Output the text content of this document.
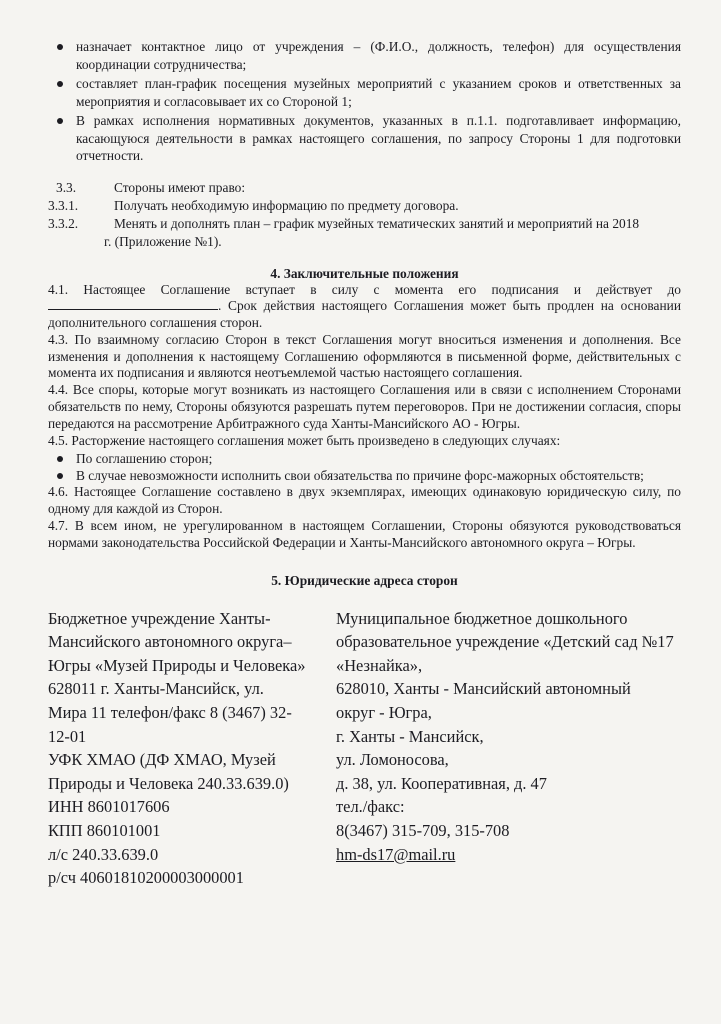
назначает контактное лицо от учреждения – (Ф.И.О., должность, телефон) для осуществления координации сотрудничества;
составляет план-график посещения музейных мероприятий с указанием сроков и ответственных за мероприятия и согласовывает их со Стороной 1;
В рамках исполнения нормативных документов, указанных в п.1.1. подготавливает информацию, касающуюся деятельности в рамках настоящего соглашения, по запросу Стороны 1 для подготовки отчетности.
3.3.	Стороны имеют право:
3.3.1.	Получать необходимую информацию по предмету договора.
3.3.2.	Менять и дополнять план – график музейных тематических занятий и мероприятий на 2018
г. (Приложение №1).
4. Заключительные положения

4.1. Настоящее Соглашение вступает в силу с момента его подписания и действует до . Срок действия настоящего Соглашения может быть продлен на основании дополнительного соглашения сторон.

4.3. По взаимному согласию Сторон в текст Соглашения могут вноситься изменения и дополнения. Все изменения и дополнения к настоящему Соглашению оформляются в письменной форме, действительных с момента их подписания и являются неотъемлемой частью настоящего соглашения.

4.4. Все споры, которые могут возникать из настоящего Соглашения или в связи с исполнением Сторонами обязательств по нему, Стороны обязуются разрешать путем переговоров. При не достижении согласия, споры передаются на рассмотрение Арбитражного суда Ханты-Мансийского АО - Югры.

4.5. Расторжение настоящего соглашения может быть произведено в следующих случаях:

По соглашению сторон;
В случае невозможности исполнить свои обязательства по причине форс-мажорных обстоятельств;

4.6. Настоящее Соглашение составлено в двух экземплярах, имеющих одинаковую юридическую силу, по одному для каждой из Сторон.

4.7. В всем ином, не урегулированном в настоящем Соглашении, Стороны обязуются руководствоваться нормами законодательства Российской Федерации и Ханты-Мансийского автономного округа – Югры.

5. Юридические адреса сторон
Бюджетное учреждение Ханты-
Мансийского автономного округа–
Югры «Музей Природы и Человека»
628011 г. Ханты-Мансийск, ул.
Мира 11 телефон/факс 8 (3467) 32-
12-01
УФК ХМАО (ДФ ХМАО, Музей
Природы и Человека 240.33.639.0)
ИНН 8601017606
КПП 860101001
л/с 240.33.639.0
р/сч 40601810200003000001
Муниципальное бюджетное дошкольного
образовательное учреждение «Детский сад №17
«Незнайка»,
628010, Ханты - Мансийский автономный
округ - Югра,
г. Ханты - Мансийск,
ул. Ломоносова,
д. 38, ул. Кооперативная, д. 47
тел./факс:
8(3467) 315-709, 315-708
hm-ds17@mail.ru
